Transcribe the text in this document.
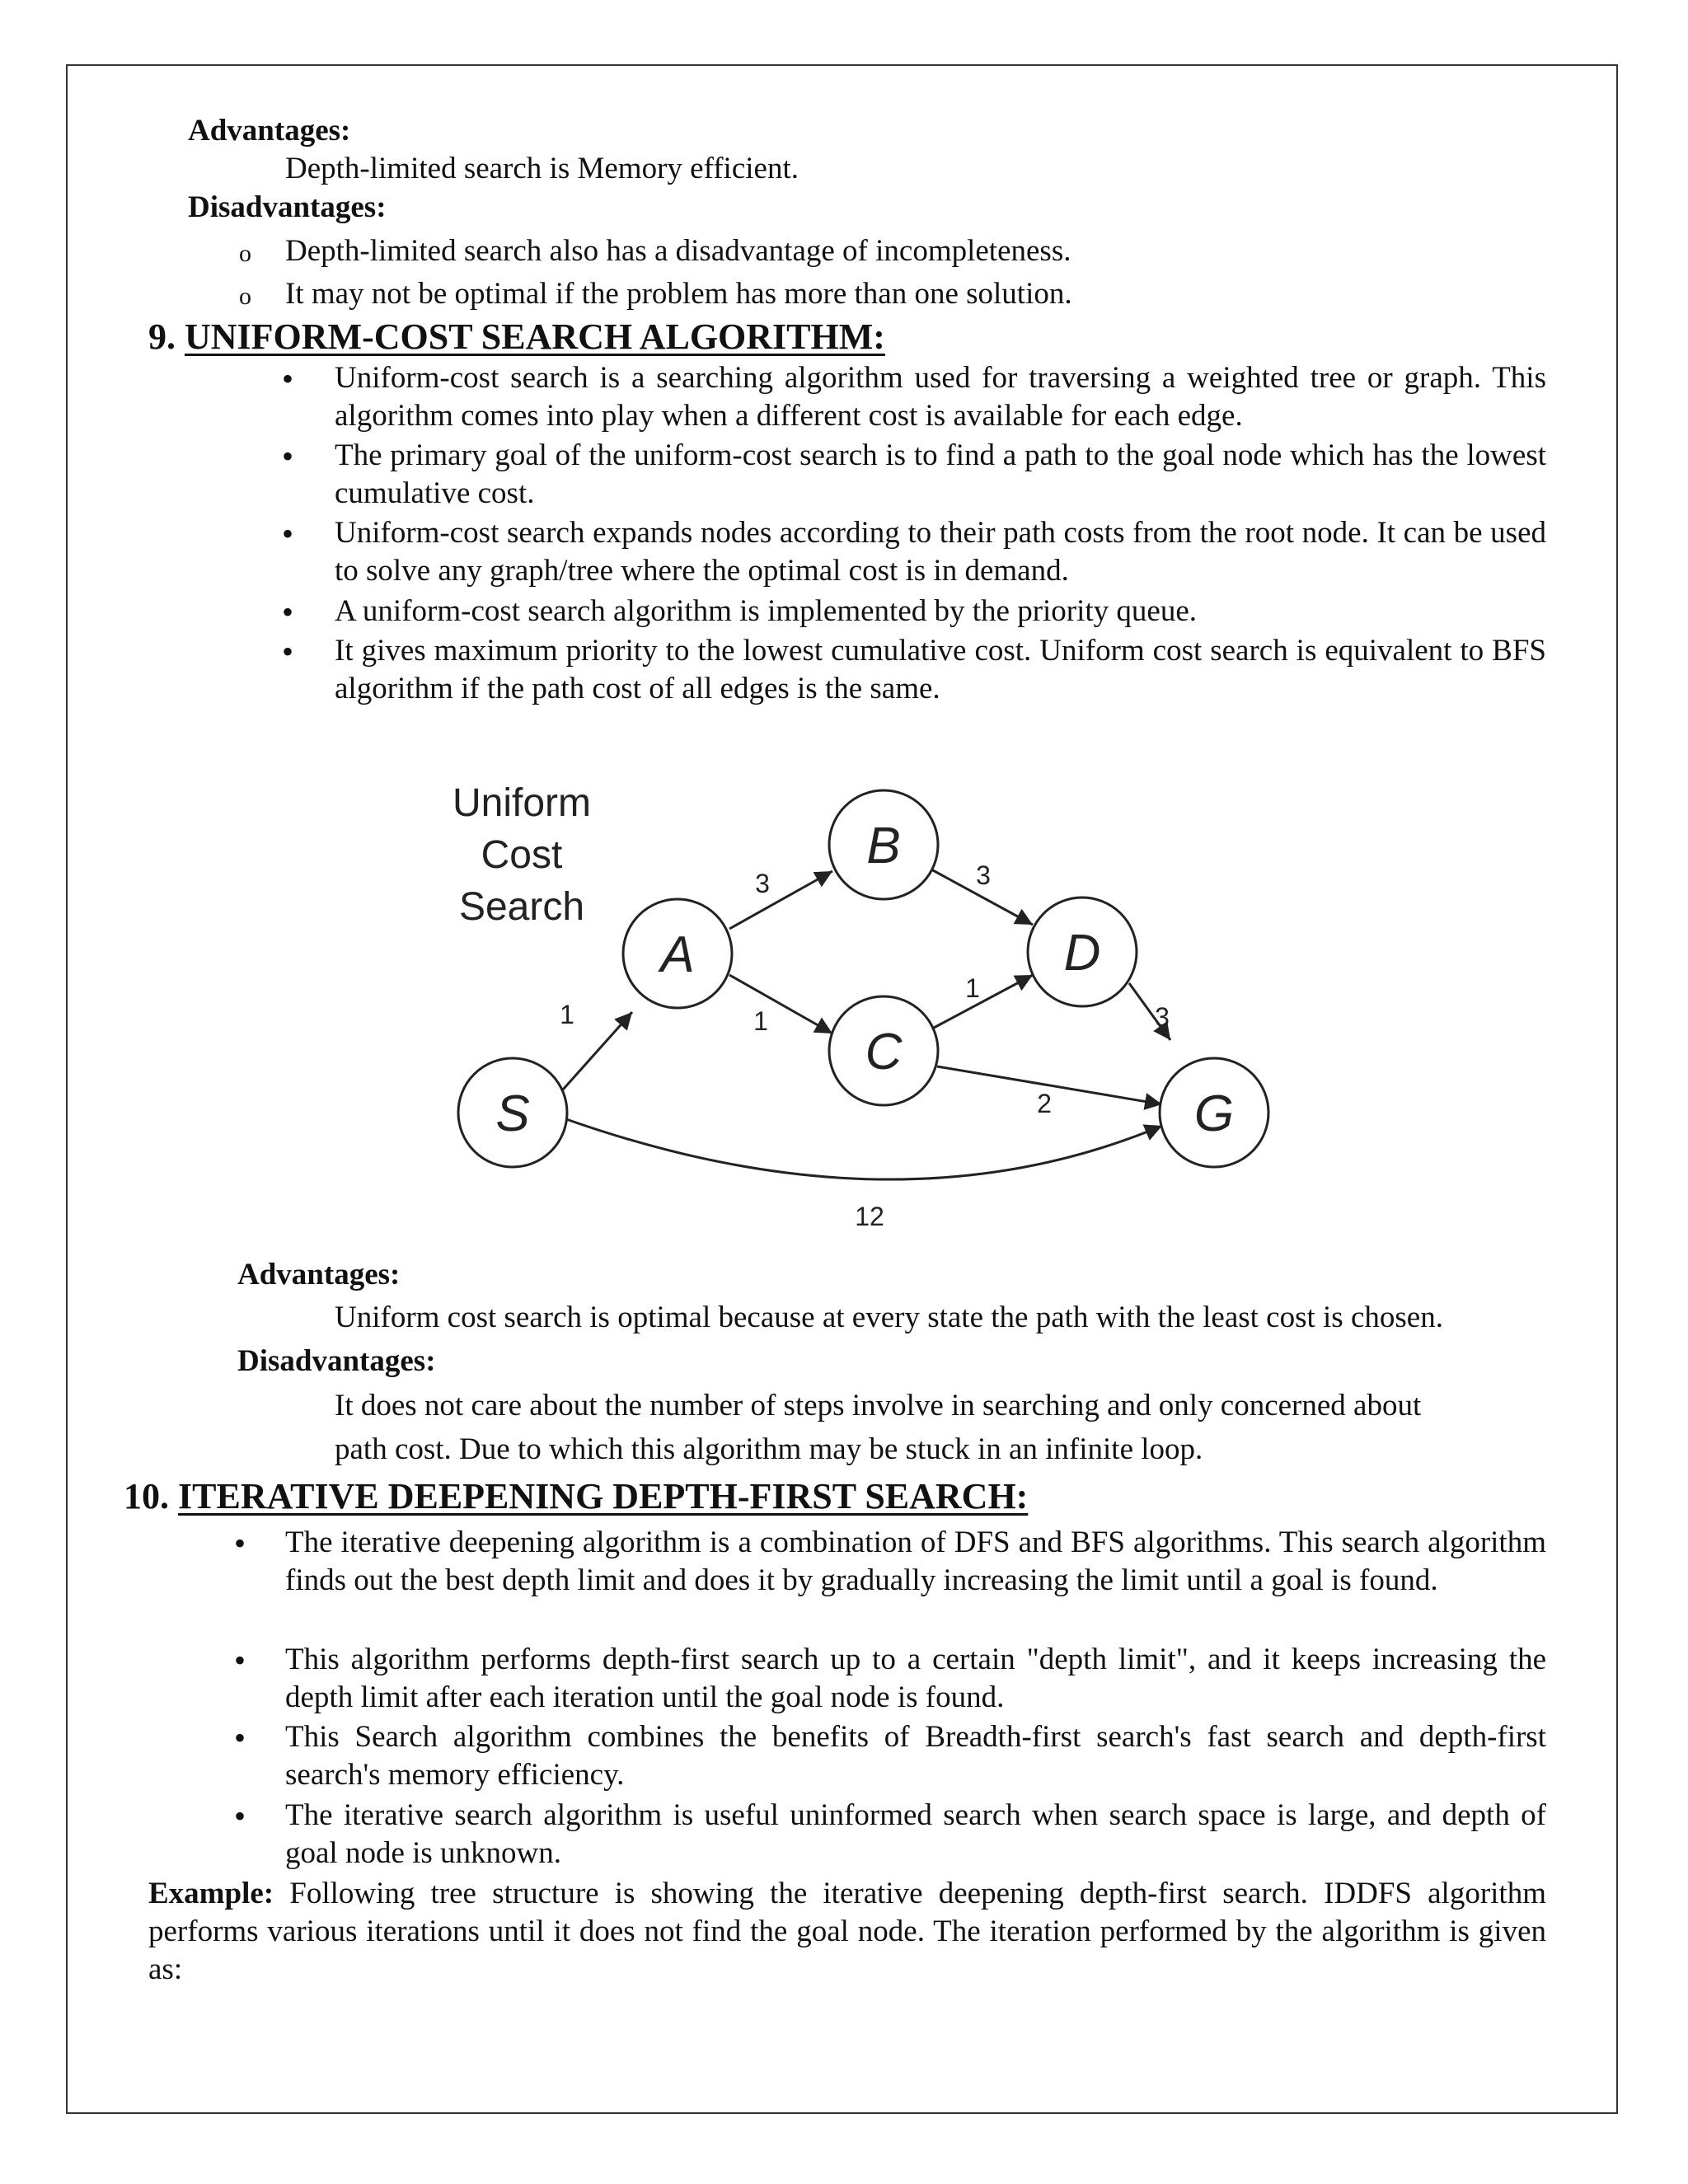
Advantages:
Depth-limited search is Memory efficient.
Disadvantages:
o Depth-limited search also has a disadvantage of incompleteness.
o It may not be optimal if the problem has more than one solution.
9. UNIFORM-COST SEARCH ALGORITHM:
• Uniform-cost search is a searching algorithm used for traversing a weighted tree or graph. This algorithm comes into play when a different cost is available for each edge.
• The primary goal of the uniform-cost search is to find a path to the goal node which has the lowest cumulative cost.
• Uniform-cost search expands nodes according to their path costs from the root node. It can be used to solve any graph/tree where the optimal cost is in demand.
• A uniform-cost search algorithm is implemented by the priority queue.
• It gives maximum priority to the lowest cumulative cost. Uniform cost search is equivalent to BFS algorithm if the path cost of all edges is the same.
Uniform
Cost
Search
1
3
1
3
1
3
2
12
S
A
B
C
D
G
Advantages:
Uniform cost search is optimal because at every state the path with the least cost is chosen.
Disadvantages:
It does not care about the number of steps involve in searching and only concerned about
path cost. Due to which this algorithm may be stuck in an infinite loop.
10. ITERATIVE DEEPENING DEPTH-FIRST SEARCH:
• The iterative deepening algorithm is a combination of DFS and BFS algorithms. This search algorithm finds out the best depth limit and does it by gradually increasing the limit until a goal is found.
• This algorithm performs depth-first search up to a certain "depth limit", and it keeps increasing the depth limit after each iteration until the goal node is found.
• This Search algorithm combines the benefits of Breadth-first search's fast search and depth-first search's memory efficiency.
• The iterative search algorithm is useful uninformed search when search space is large, and depth of goal node is unknown.
Example: Following tree structure is showing the iterative deepening depth-first search. IDDFS algorithm performs various iterations until it does not find the goal node. The iteration performed by the algorithm is given as:
